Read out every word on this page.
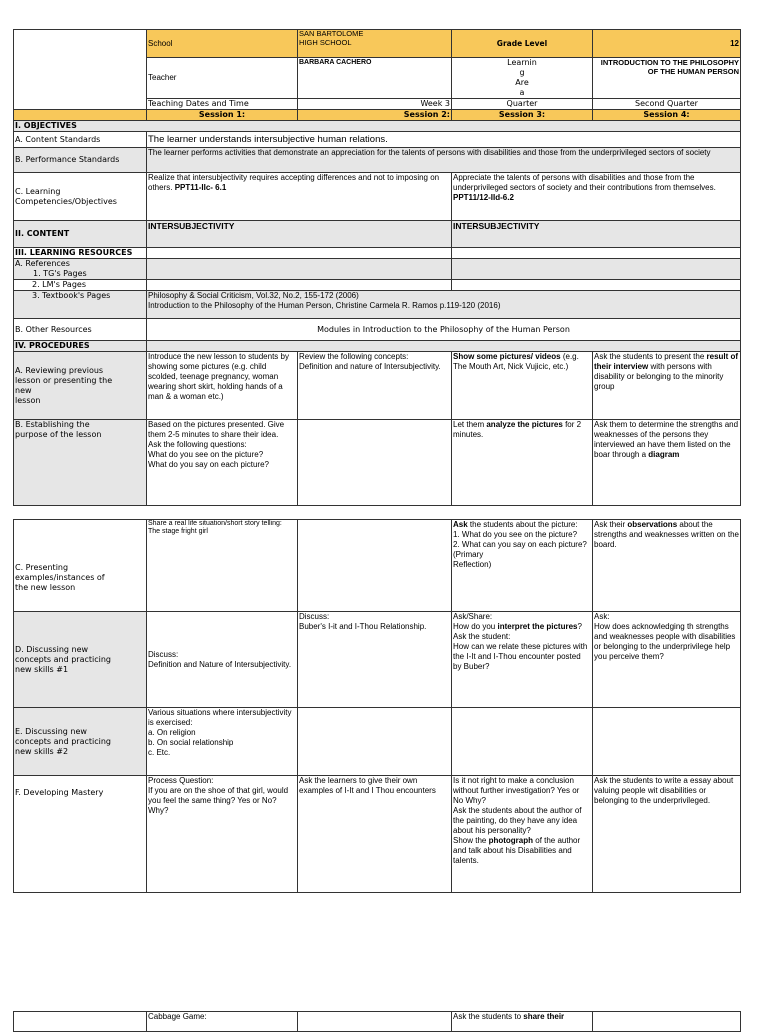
	School	SAN BARTOLOME
HIGH SCHOOL	Grade Level	12
	Teacher	BARBARA CACHERO	Learnin
g
Are
a	INTRODUCTION TO THE PHILOSOPHY OF THE HUMAN PERSON
	Teaching Dates and Time	Week 3	Quarter	Second Quarter
	Session 1:	Session 2:	Session 3:	Session 4:
I. OBJECTIVES				
A. Content Standards	The learner understands intersubjective human relations.			
B. Performance Standards	The learner performs activities that demonstrate an appreciation for the talents of persons with disabilities and those from the underprivileged sectors of society			
C. Learning
Competencies/Objectives	Realize that intersubjectivity requires accepting differences and not to imposing on others. PPT11-IIc- 6.1		Appreciate the talents of persons with disabilities and those from the underprivileged sectors of society and their contributions from themselves. PPT11/12-IId-6.2	
II. CONTENT	INTERSUBJECTIVITY		INTERSUBJECTIVITY	
III. LEARNING RESOURCES				

A. References
1. TG's Pages				

2. LM's Pages				
3. Textbook's Pages	Philosophy & Social Criticism, Vol.32, No.2, 155-172 (2006)
Introduction to the Philosophy of the Human Person, Christine Carmela R. Ramos p.119-120 (2016)			
B. Other Resources	Modules in Introduction to the Philosophy of the Human Person			
IV. PROCEDURES				
A. Reviewing previous
lesson or presenting the
new
lesson	Introduce the new lesson to students by showing some pictures (e.g. child scolded, teenage pregnancy, woman wearing short skirt, holding hands of a man & a woman etc.)	Review the following concepts:
Definition and nature of Intersubjectivity.	Show some pictures/ videos (e.g. The Mouth Art, Nick Vujicic, etc.)	Ask the students to present the result of their interview with persons with disability or belonging to the minority group
B. Establishing the
purpose of the lesson	Based on the pictures presented. Give them 2-5 minutes to share their idea.
Ask the following questions:
What do you see on the picture?
What do you say on each picture?		Let them analyze the pictures for 2 minutes.	Ask them to determine the strengths and weaknesses of the persons they interviewed an have them listed on the boar through a diagram
C. Presenting
examples/instances of
the new lesson	Share a real life situation/short story telling:
The stage fright girl		Ask the students about the picture:
1. What do you see on the picture?
2. What can you say on each picture? (Primary
Reflection)	Ask their observations about the strengths and weaknesses written on the board.
D. Discussing new
concepts and practicing
new skills #1	Discuss:
Definition and Nature of Intersubjectivity.	Discuss:
Buber's I-it and I-Thou Relationship.	Ask/Share:
How do you interpret the pictures?
Ask the student:
How can we relate these pictures with the I-It and I-Thou encounter posted by Buber?	Ask:
How does acknowledging th strengths and weaknesses people with disabilities or belonging to the underprivilege help you perceive them?
E. Discussing new
concepts and practicing
new skills #2	Various situations where intersubjectivity is exercised:
a. On religion
b. On social relationship
c. Etc.			
F. Developing Mastery	Process Question:
If you are on the shoe of that girl, would you feel the same thing? Yes or No? Why?	Ask the learners to give their own examples of I-It and I Thou encounters	Is it not right to make a conclusion without further investigation? Yes or No Why?
Ask the students about the author of the painting, do they have any idea about his personality?
Show the photograph of the author and talk about his Disabilities and talents.	Ask the students to write a essay about valuing people wit disabilities or belonging to the underprivileged.
	Cabbage Game:		Ask the students to share their	
